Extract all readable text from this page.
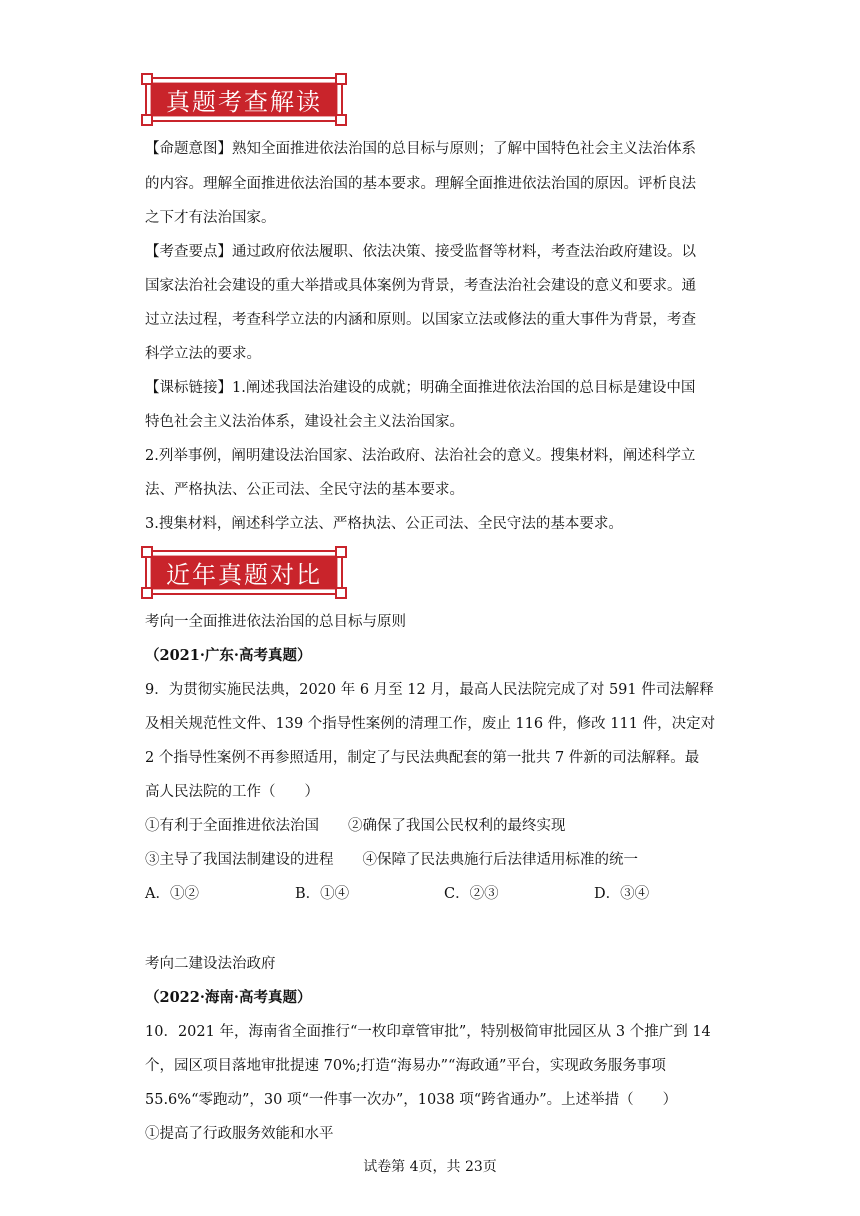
真题考查解读
【命题意图】熟知全面推进依法治国的总目标与原则；了解中国特色社会主义法治体系
的内容。理解全面推进依法治国的基本要求。理解全面推进依法治国的原因。评析良法
之下才有法治国家。
【考查要点】通过政府依法履职、依法决策、接受监督等材料，考查法治政府建设。以
国家法治社会建设的重大举措或具体案例为背景，考查法治社会建设的意义和要求。通
过立法过程，考查科学立法的内涵和原则。以国家立法或修法的重大事件为背景，考查
科学立法的要求。
【课标链接】1.阐述我国法治建设的成就；明确全面推进依法治国的总目标是建设中国
特色社会主义法治体系，建设社会主义法治国家。
2.列举事例，阐明建设法治国家、法治政府、法治社会的意义。搜集材料，阐述科学立
法、严格执法、公正司法、全民守法的基本要求。
3.搜集材料，阐述科学立法、严格执法、公正司法、全民守法的基本要求。
近年真题对比
考向一全面推进依法治国的总目标与原则
（2021·广东·高考真题）
9．为贯彻实施民法典，2020 年 6 月至 12 月，最高人民法院完成了对 591 件司法解释
及相关规范性文件、139 个指导性案例的清理工作，废止 116 件，修改 111 件，决定对
2 个指导性案例不再参照适用，制定了与民法典配套的第一批共 7 件新的司法解释。最
高人民法院的工作（　　）
①有利于全面推进依法治国　　②确保了我国公民权利的最终实现
③主导了我国法制建设的进程　　④保障了民法典施行后法律适用标准的统一
A．①②	B．①④	C．②③	D．③④
考向二建设法治政府
（2022·海南·高考真题）
10．2021 年，海南省全面推行“一枚印章管审批”，特别极简审批园区从 3 个推广到 14
个，园区项目落地审批提速 70%;打造“海易办”“海政通”平台，实现政务服务事项
55.6%“零跑动”，30 项“一件事一次办”，1038 项“跨省通办”。上述举措（　　）
①提高了行政服务效能和水平
试卷第 4页，共 23页
